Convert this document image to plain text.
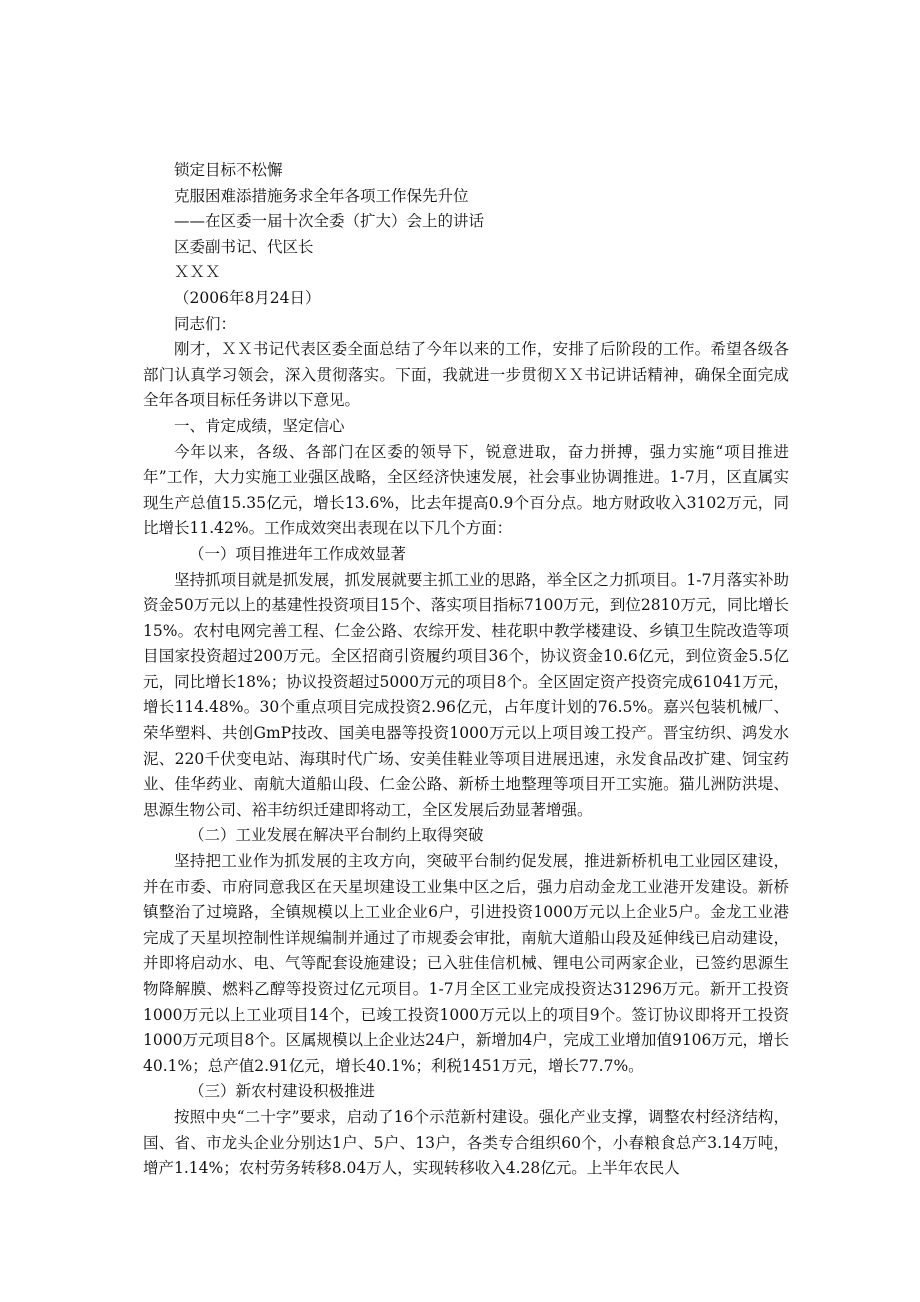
锁定目标不松懈

克服困难添措施务求全年各项工作保先升位

——在区委一届十次全委（扩大）会上的讲话

区委副书记、代区长

ＸＸＸ

（2006年8月24日）

同志们：

刚才，ＸＸ书记代表区委全面总结了今年以来的工作，安排了后阶段的工作。希望各级各部门认真学习领会，深入贯彻落实。下面，我就进一步贯彻ＸＸ书记讲话精神，确保全面完成全年各项目标任务讲以下意见。

一、肯定成绩，坚定信心

今年以来，各级、各部门在区委的领导下，锐意进取，奋力拼搏，强力实施“项目推进年”工作，大力实施工业强区战略，全区经济快速发展，社会事业协调推进。1-7月，区直属实现生产总值15.35亿元，增长13.6%，比去年提高0.9个百分点。地方财政收入3102万元，同比增长11.42%。工作成效突出表现在以下几个方面：

（一）项目推进年工作成效显著

坚持抓项目就是抓发展，抓发展就要主抓工业的思路，举全区之力抓项目。1-7月落实补助资金50万元以上的基建性投资项目15个、落实项目指标7100万元，到位2810万元，同比增长15%。农村电网完善工程、仁金公路、农综开发、桂花职中教学楼建设、乡镇卫生院改造等项目国家投资超过200万元。全区招商引资履约项目36个，协议资金10.6亿元，到位资金5.5亿元，同比增长18%；协议投资超过5000万元的项目8个。全区固定资产投资完成61041万元，增长114.48%。30个重点项目完成投资2.96亿元，占年度计划的76.5%。嘉兴包装机械厂、荣华塑料、共创GmP技改、国美电器等投资1000万元以上项目竣工投产。晋宝纺织、鸿发水泥、220千伏变电站、海琪时代广场、安美佳鞋业等项目进展迅速，永发食品改扩建、饲宝药业、佳华药业、南航大道船山段、仁金公路、新桥土地整理等项目开工实施。猫儿洲防洪堤、思源生物公司、裕丰纺织迁建即将动工，全区发展后劲显著增强。

（二）工业发展在解决平台制约上取得突破

坚持把工业作为抓发展的主攻方向，突破平台制约促发展，推进新桥机电工业园区建设，并在市委、市府同意我区在天星坝建设工业集中区之后，强力启动金龙工业港开发建设。新桥镇整治了过境路，全镇规模以上工业企业6户，引进投资1000万元以上企业5户。金龙工业港完成了天星坝控制性详规编制并通过了市规委会审批，南航大道船山段及延伸线已启动建设，并即将启动水、电、气等配套设施建设；已入驻佳信机械、锂电公司两家企业，已签约思源生物降解膜、燃料乙醇等投资过亿元项目。1-7月全区工业完成投资达31296万元。新开工投资1000万元以上工业项目14个，已竣工投资1000万元以上的项目9个。签订协议即将开工投资1000万元项目8个。区属规模以上企业达24户，新增加4户，完成工业增加值9106万元，增长40.1%；总产值2.91亿元，增长40.1%；利税1451万元，增长77.7%。

（三）新农村建设积极推进

按照中央“二十字”要求，启动了16个示范新村建设。强化产业支撑，调整农村经济结构，国、省、市龙头企业分别达1户、5户、13户，各类专合组织60个，小春粮食总产3.14万吨，增产1.14%；农村劳务转移8.04万人，实现转移收入4.28亿元。上半年农民人
